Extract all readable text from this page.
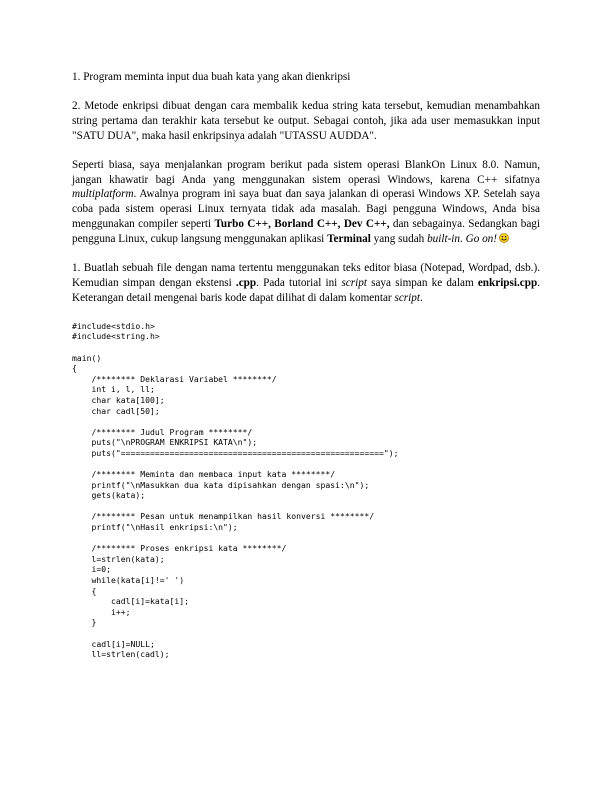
1. Program meminta input dua buah kata yang akan dienkripsi

2. Metode enkripsi dibuat dengan cara membalik kedua string kata tersebut, kemudian menambahkan string pertama dan terakhir kata tersebut ke output. Sebagai contoh, jika ada user memasukkan input "SATU DUA", maka hasil enkripsinya adalah "UTASSU AUDDA".

Seperti biasa, saya menjalankan program berikut pada sistem operasi BlankOn Linux 8.0. Namun, jangan khawatir bagi Anda yang menggunakan sistem operasi Windows, karena C++ sifatnya multiplatform. Awalnya program ini saya buat dan saya jalankan di operasi Windows XP. Setelah saya coba pada sistem operasi Linux ternyata tidak ada masalah. Bagi pengguna Windows, Anda bisa menggunakan compiler seperti Turbo C++, Borland C++, Dev C++, dan sebagainya. Sedangkan bagi pengguna Linux, cukup langsung menggunakan aplikasi Terminal yang sudah built-in. Go on!

1. Buatlah sebuah file dengan nama tertentu menggunakan teks editor biasa (Notepad, Wordpad, dsb.). Kemudian simpan dengan ekstensi .cpp. Pada tutorial ini script saya simpan ke dalam enkripsi.cpp. Keterangan detail mengenai baris kode dapat dilihat di dalam komentar script.

#include<stdio.h>
#include<string.h>
main()
{
/******** Deklarasi Variabel ********/
int i, l, ll;
char kata[100];
char cadl[50];
/******** Judul Program ********/
puts("\nPROGRAM ENKRIPSI KATA\n");
puts("======================================================");
/******** Meminta dan membaca input kata ********/
printf("\nMasukkan dua kata dipisahkan dengan spasi:\n");
gets(kata);
/******** Pesan untuk menampilkan hasil konversi ********/
printf("\nHasil enkripsi:\n");
/******** Proses enkripsi kata ********/
l=strlen(kata);
i=0;
while(kata[i]!=' ')
{
cadl[i]=kata[i];
i++;
}
cadl[i]=NULL;
ll=strlen(cadl);
